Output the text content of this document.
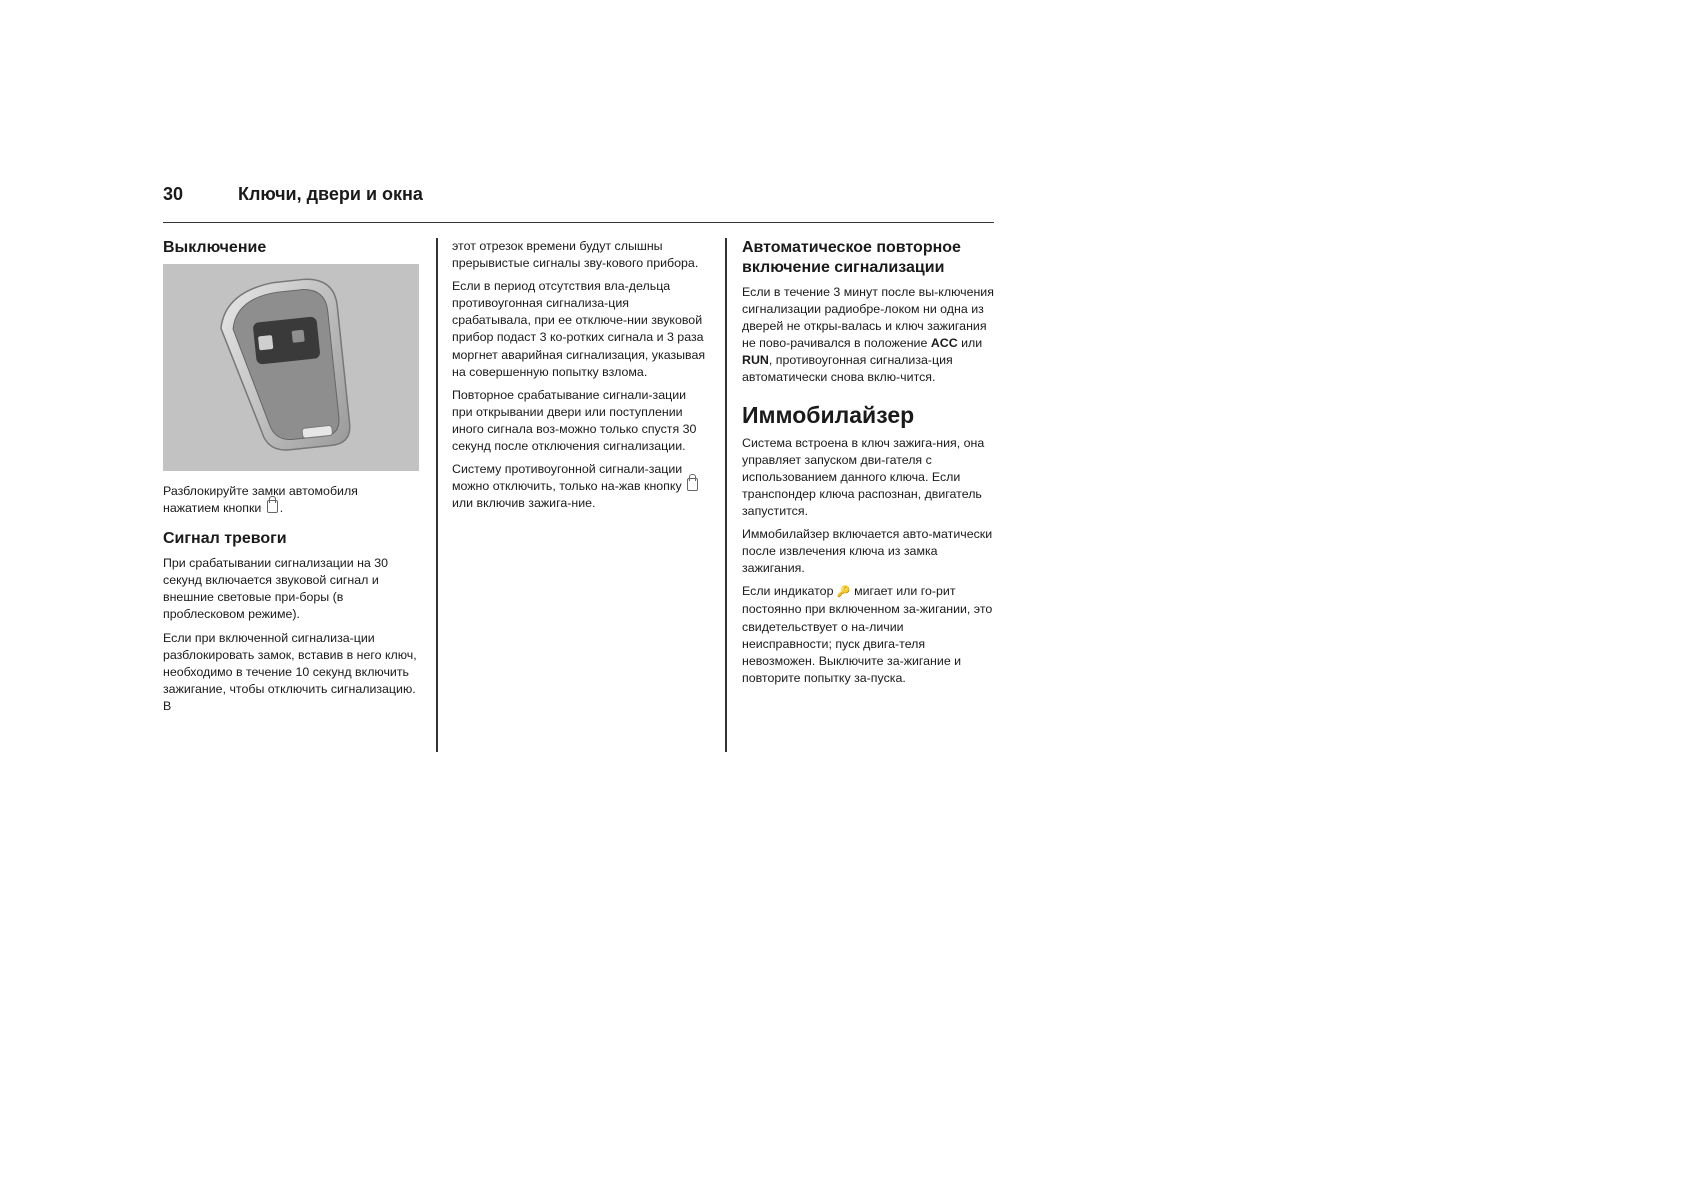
30	Ключи, двери и окна
Выключение

Разблокируйте замки автомобиля
нажатием кнопки .

Сигнал тревоги

При срабатывании сигнализации на 30 секунд включается звуковой сигнал и внешние световые при-боры (в проблесковом режиме).

Если при включенной сигнализа-ции разблокировать замок, вставив в него ключ, необходимо в течение 10 секунд включить зажигание, чтобы отключить сигнализацию. В

этот отрезок времени будут слышны прерывистые сигналы зву-кового прибора.

Если в период отсутствия вла-дельца противоугонная сигнализа-ция срабатывала, при ее отключе-нии звуковой прибор подаст 3 ко-ротких сигнала и 3 раза моргнет аварийная сигнализация, указывая на совершенную попытку взлома.

Повторное срабатывание сигнали-зации при открывании двери или поступлении иного сигнала воз-можно только спустя 30 секунд после отключения сигнализации.

Систему противоугонной сигнали-зации можно отключить, только на-жав кнопку  или включив зажига-ние.

Автоматическое повторное включение сигнализации

Если в течение 3 минут после вы-ключения сигнализации радиобре-локом ни одна из дверей не откры-валась и ключ зажигания не пово-рачивался в положение ACC или RUN, противоугонная сигнализа-ция автоматически снова вклю-чится.

Иммобилайзер

Система встроена в ключ зажига-ния, она управляет запуском дви-гателя с использованием данного ключа. Если транспондер ключа распознан, двигатель запустится.

Иммобилайзер включается авто-матически после извлечения ключа из замка зажигания.

Если индикатор 🔑 мигает или го-рит постоянно при включенном за-жигании, это свидетельствует о на-личии неисправности; пуск двига-теля невозможен. Выключите за-жигание и повторите попытку за-пуска.
